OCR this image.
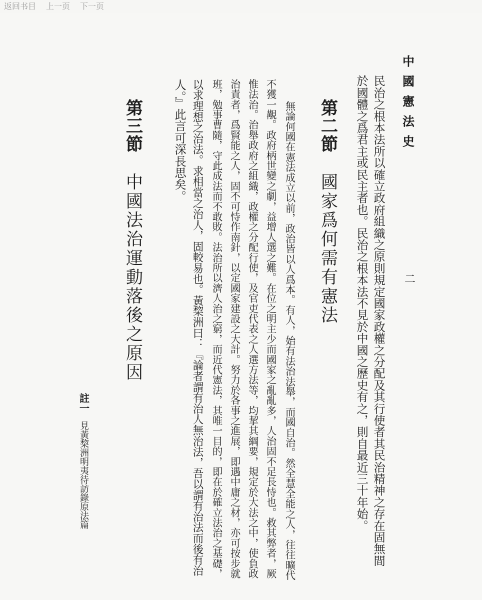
返回书目 上一页 下一页
中國憲法史
二
民治之根本法所以確立政府組織之原則規定國家政權之分配及其行使者其民治精神之存在固無間
於國體之爲君主或民主者也。民治之根本法不見於中國之歷史有之，則自最近三十年始。
第二節
國家爲何需有憲法
無論何國在憲法成立以前，政治皆以人爲本。有人，始有法治法舉，而國自治。然全慧全能之人，往往曠代
不獲一覯。政府柄世變之劇，益增人選之難。在位之明主少而國家之亂亂多，人治固不足長恃也。救其弊者，厥
惟法治。治舉政府之組織，政權之分配行使，及官吏代表之人選方法等，均挈其綱要，規定於大法之中，使負政
治責者，爲賢能之人，固不可恃作南針，以定國家建設之大計。努力於各事之進展，即遇中庸之材，亦可按步就
班，勉事曹隨，守此成法而不敢敗。法治所以濟人治之窮，而近代憲法，其唯一目的，即在於確立法治之基礎，
以求理想之治法。求相當之治人，固較易也。黃棃洲曰：『論者謂有治人無治法，吾以謂有治法而後有治
人。』此言可深長思矣。
第三節
中國法治運動落後之原因
註一
見黃棃洲明夷待訪錄原法篇
